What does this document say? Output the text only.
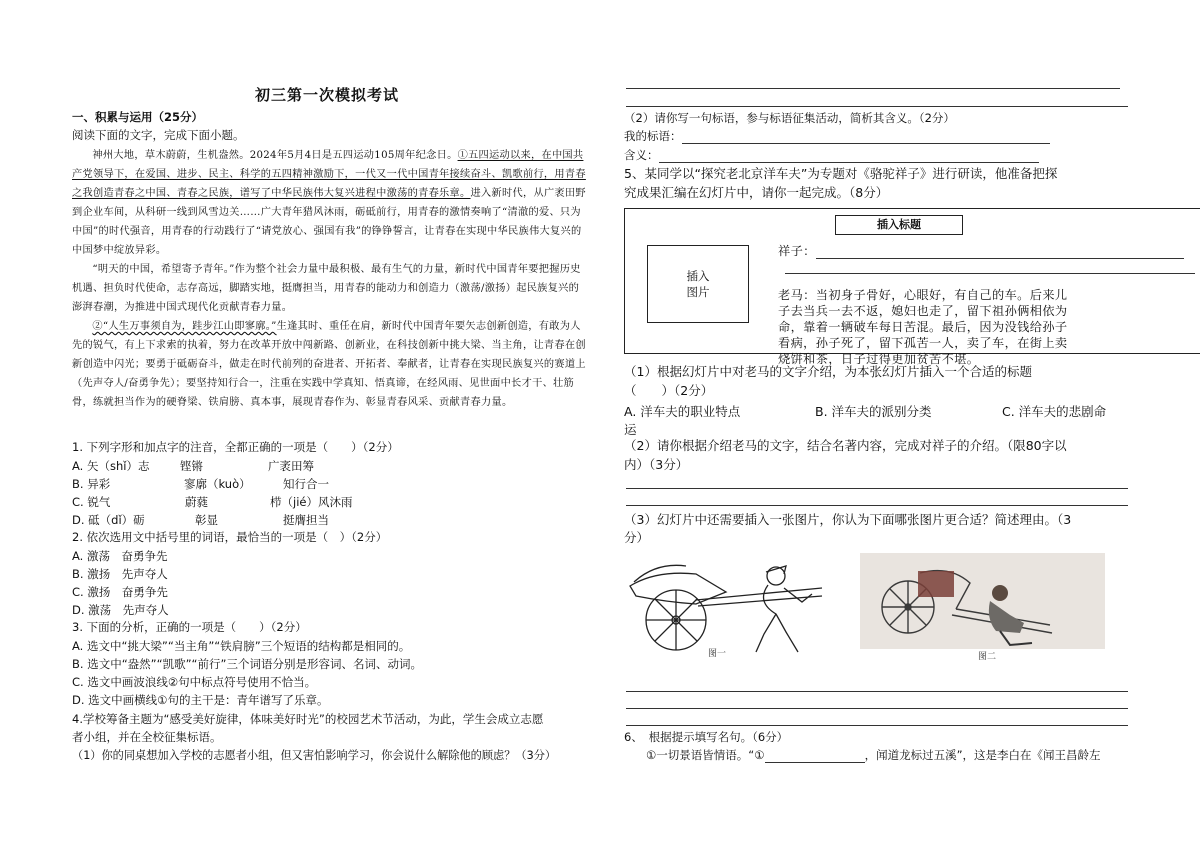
初三第一次模拟考试
一、积累与运用（25分）
阅读下面的文字，完成下面小题。

神州大地，草木蔚蔚，生机盎然。2024年5月4日是五四运动105周年纪念日。①五四运动以来，在中国共产党领导下，在爱国、进步、民主、科学的五四精神激励下，一代又一代中国青年接续奋斗、凯歌前行，用青春之我创造青春之中国、青春之民族，谱写了中华民族伟大复兴进程中激荡的青春乐章。进入新时代，从广袤田野到企业车间，从科研一线到风雪边关……广大青年猎风沐雨，砺砥前行，用青春的激情奏响了“清澈的爱、只为中国”的时代强音，用青春的行动践行了“请党放心、强国有我”的铮铮誓言，让青春在实现中华民族伟大复兴的中国梦中绽放异彩。

“明天的中国，希望寄予青年。”作为整个社会力量中最积极、最有生气的力量，新时代中国青年要把握历史机遇、担负时代使命，志存高远，脚踏实地，挺膺担当，用青春的能动力和创造力（激荡/激扬）起民族复兴的澎湃春潮，为推进中国式现代化贡献青春力量。

②“人生万事须自为，跬步江山即寥廓。”生逢其时、重任在肩，新时代中国青年要矢志创新创造，有敢为人先的锐气，有上下求索的执着，努力在改革开放中闯新路、创新业，在科技创新中挑大梁、当主角，让青春在创新创造中闪光；要勇于砥砺奋斗，做走在时代前列的奋进者、开拓者、奉献者，让青春在实现民族复兴的赛道上（先声夺人/奋勇争先）；要坚持知行合一，注重在实践中学真知、悟真谛，在经风雨、见世面中长才干、壮筋骨，练就担当作为的硬脊梁、铁肩膀、真本事，展现青春作为、彰显青春风采、贡献青春力量。

1. 下列字形和加点字的注音，全都正确的一项是（　　）（2分）
A. 矢（shǐ）志	铿锵	广袤田筹
B. 异彩	寥廓（kuò）	知行合一
C. 锐气	蔚蕤	栉（jié）风沐雨
D. 砥（dǐ）砺	彰显	挺膺担当
2. 依次选用文中括号里的词语，最恰当的一项是（　）（2分）
A. 激荡　 奋勇争先
B. 激扬　 先声夺人
C. 激扬　 奋勇争先
D. 激荡　 先声夺人
3. 下面的分析，正确的一项是（　　）（2分）
A. 选文中“挑大梁”“当主角”“铁肩膀”三个短语的结构都是相同的。
B. 选文中“盎然”“凯歌”“前行”三个词语分别是形容词、名词、动词。
C. 选文中画波浪线②句中标点符号使用不恰当。
D. 选文中画横线①句的主干是：青年谱写了乐章。
4.学校筹备主题为“感受美好旋律，体味美好时光”的校园艺术节活动，为此，学生会成立志愿
者小组，并在全校征集标语。
（1）你的同桌想加入学校的志愿者小组，但又害怕影响学习，你会说什么解除他的顾虑？（3分）
（2）请你写一句标语，参与标语征集活动，简析其含义。（2分）
我的标语：
含义：
5、某同学以“探究老北京洋车夫”为专题对《骆驼祥子》进行研读，他准备把探
究成果汇编在幻灯片中，请你一起完成。（8分）
插入标题
插入
图片
祥子：
老马：当初身子骨好，心眼好，有自己的车。后来儿
子去当兵一去不返，媳妇也走了，留下祖孙俩相依为
命，靠着一辆破车每日苦混。最后，因为没钱给孙子
看病，孙子死了，留下孤苦一人，卖了车，在街上卖
烧饼和茶，日子过得更加贫苦不堪。
（1）根据幻灯片中对老马的文字介绍，为本张幻灯片插入一个合适的标题
（　　）（2分）
A. 洋车夫的职业特点	B. 洋车夫的派别分类	C. 洋车夫的悲剧命
运
（2）请你根据介绍老马的文字，结合名著内容，完成对祥子的介绍。（限80字以
内）（3分）
（3）幻灯片中还需要插入一张图片，你认为下面哪张图片更合适？简述理由。（3
分）
图一	图二
6、　根据提示填写名句。（6分）
①一切景语皆情语。“①	，闻道龙标过五溪”，这是李白在《闻王昌龄左
